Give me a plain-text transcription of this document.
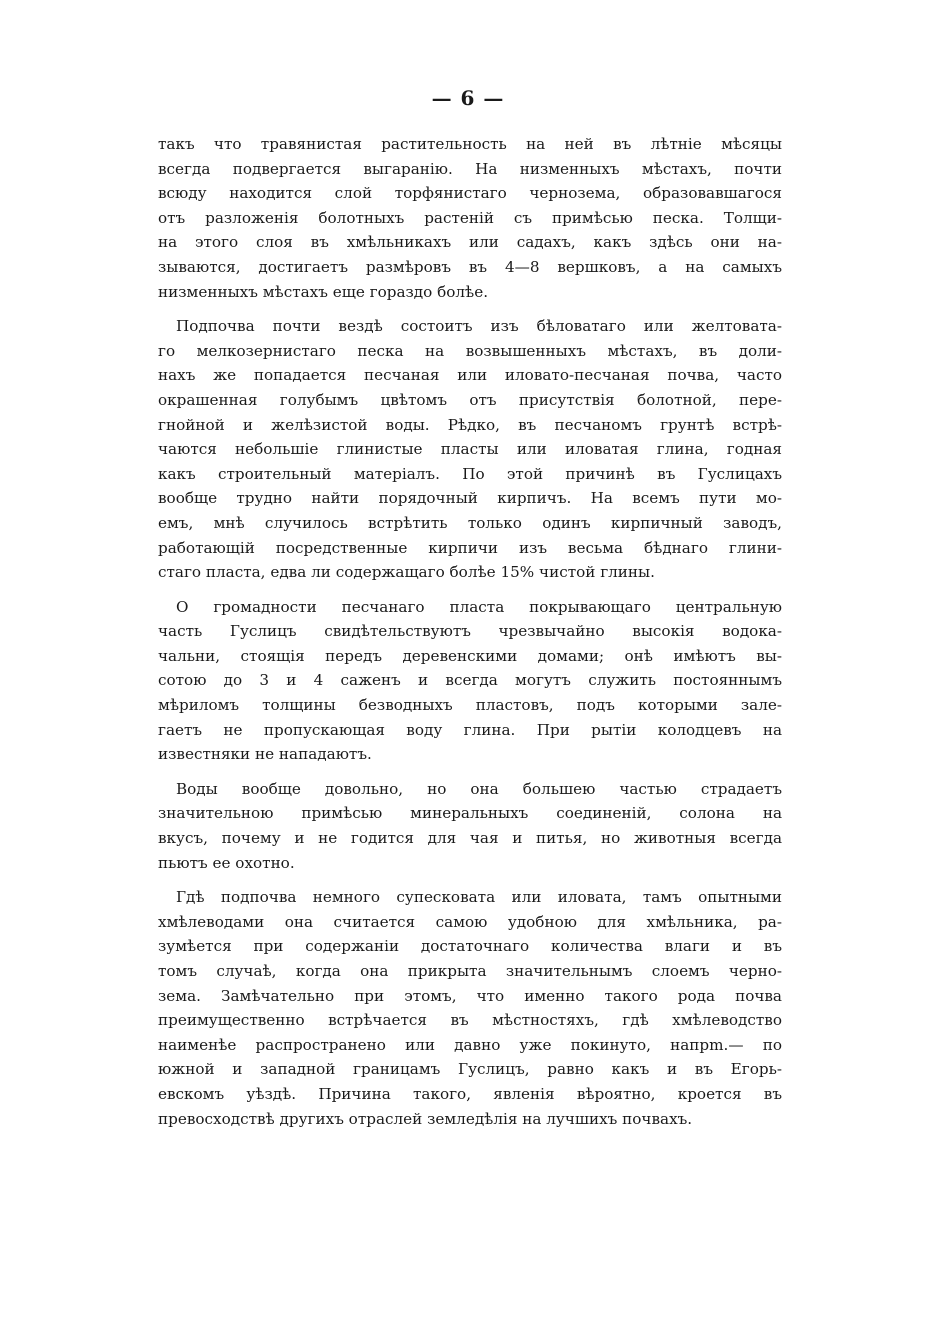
— 6 —
такъ что травянистая растительность на ней въ лѣтніе мѣсяцы
всегда подвергается выгаранію. На низменныхъ мѣстахъ, почти
всюду находится слой торфянистаго чернозема, образовавшагося
отъ разложенія болотныхъ растеній съ примѣсью песка. Толщи-
на этого слоя въ хмѣльникахъ или садахъ, какъ здѣсь они на-
зываются, достигаетъ размѣровъ въ 4—8 вершковъ, а на самыхъ
низменныхъ мѣстахъ еще гораздо болѣе.
Подпочва почти вездѣ состоитъ изъ бѣловатаго или желтовата-
го мелкозернистаго песка на возвышенныхъ мѣстахъ, въ доли-
нахъ же попадается песчаная или иловато-песчаная почва, часто
окрашенная голубымъ цвѣтомъ отъ присутствія болотной, пере-
гнойной и желѣзистой воды. Рѣдко, въ песчаномъ грунтѣ встрѣ-
чаются небольшіе глинистые пласты или иловатая глина, годная
какъ строительный матеріалъ. По этой причинѣ въ Гуслицахъ
вообще трудно найти порядочный кирпичъ. На всемъ пути мо-
емъ, мнѣ случилось встрѣтить только одинъ кирпичный заводъ,
работающій посредственные кирпичи изъ весьма бѣднаго глини-
стаго пласта, едва ли содержащаго болѣе 15% чистой глины.
О громадности песчанаго пласта покрывающаго центральную
часть Гуслицъ свидѣтельствуютъ чрезвычайно высокія водока-
чальни, стоящія передъ деревенскими домами; онѣ имѣютъ вы-
сотою до 3 и 4 саженъ и всегда могутъ служить постояннымъ
мѣриломъ толщины безводныхъ пластовъ, подъ которыми зале-
гаетъ не пропускающая воду глина. При рытіи колодцевъ на
известняки не нападаютъ.
Воды вообще довольно, но она большею частью страдаетъ
значительною примѣсью минеральныхъ соединеній, солона на
вкусъ, почему и не годится для чая и питья, но животныя всегда
пьютъ ее охотно.
Гдѣ подпочва немного супесковата или иловата, тамъ опытными
хмѣлеводами она считается самою удобною для хмѣльника, ра-
зумѣется при содержаніи достаточнаго количества влаги и въ
томъ случаѣ, когда она прикрыта значительнымъ слоемъ черно-
зема. Замѣчательно при этомъ, что именно такого рода почва
преимущественно встрѣчается въ мѣстностяхъ, гдѣ хмѣлеводство
наименѣе распространено или давно уже покинуто, напрm.— по
южной и западной границамъ Гуслицъ, равно какъ и въ Егорь-
евскомъ уѣздѣ. Причина такого, явленія вѣроятно, кроется въ
превосходствѣ другихъ отраслей земледѣлія на лучшихъ почвахъ.
